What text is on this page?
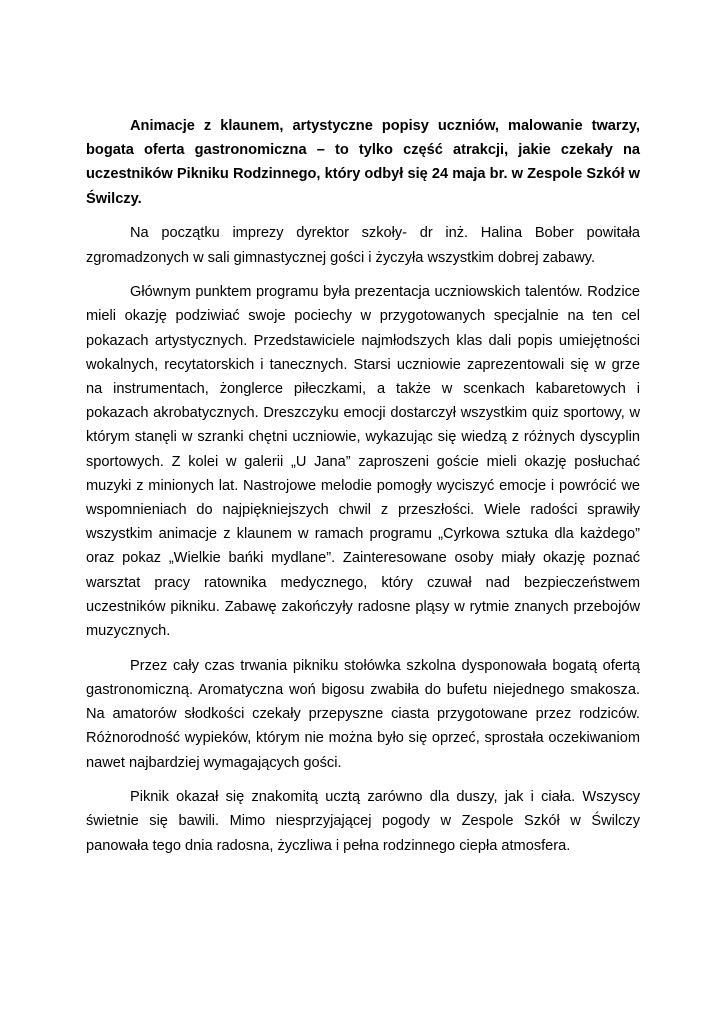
Animacje z klaunem, artystyczne popisy uczniów, malowanie twarzy, bogata oferta gastronomiczna – to tylko część atrakcji, jakie czekały na uczestników Pikniku Rodzinnego, który odbył się 24 maja br. w Zespole Szkół w Świlczy.

Na początku imprezy dyrektor szkoły- dr inż. Halina Bober powitała zgromadzonych w sali gimnastycznej gości i życzyła wszystkim dobrej zabawy.

Głównym punktem programu była prezentacja uczniowskich talentów. Rodzice mieli okazję podziwiać swoje pociechy w przygotowanych specjalnie na ten cel pokazach artystycznych. Przedstawiciele najmłodszych klas dali popis umiejętności wokalnych, recytatorskich i tanecznych. Starsi uczniowie zaprezentowali się w grze na instrumentach, żonglerce piłeczkami, a także w scenkach kabaretowych i pokazach akrobatycznych. Dreszczyku emocji dostarczył wszystkim quiz sportowy, w którym stanęli w szranki chętni uczniowie, wykazując się wiedzą z różnych dyscyplin sportowych. Z kolei w galerii „U Jana” zaproszeni goście mieli okazję posłuchać muzyki z minionych lat. Nastrojowe melodie pomogły wyciszyć emocje i powrócić we wspomnieniach do najpiękniejszych chwil z przeszłości. Wiele radości sprawiły wszystkim animacje z klaunem w ramach programu „Cyrkowa sztuka dla każdego” oraz pokaz „Wielkie bańki mydlane”. Zainteresowane osoby miały okazję poznać warsztat pracy ratownika medycznego, który czuwał nad bezpieczeństwem uczestników pikniku. Zabawę zakończyły radosne pląsy w rytmie znanych przebojów muzycznych.

Przez cały czas trwania pikniku stołówka szkolna dysponowała bogatą ofertą gastronomiczną. Aromatyczna woń bigosu zwabiła do bufetu niejednego smakosza. Na amatorów słodkości czekały przepyszne ciasta przygotowane przez rodziców. Różnorodność wypieków, którym nie można było się oprzeć, sprostała oczekiwaniom nawet najbardziej wymagających gości.

Piknik okazał się znakomitą ucztą zarówno dla duszy, jak i ciała. Wszyscy świetnie się bawili. Mimo niesprzyjającej pogody w Zespole Szkół w Świlczy panowała tego dnia radosna, życzliwa i pełna rodzinnego ciepła atmosfera.
